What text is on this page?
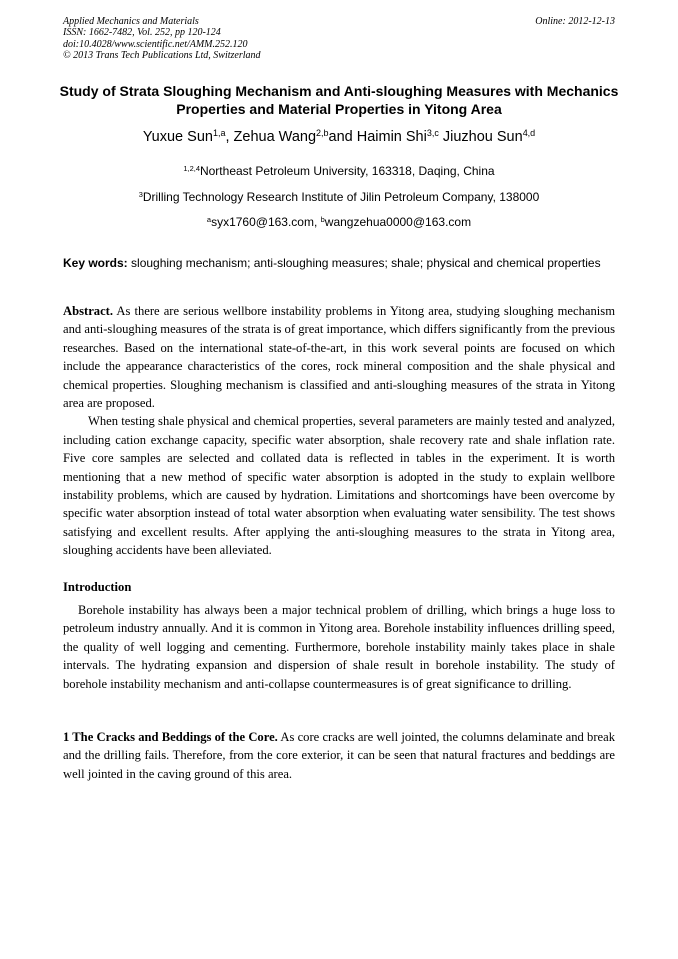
Applied Mechanics and Materials
ISSN: 1662-7482, Vol. 252, pp 120-124
doi:10.4028/www.scientific.net/AMM.252.120
© 2013 Trans Tech Publications Ltd, Switzerland
Online: 2012-12-13
Study of Strata Sloughing Mechanism and Anti-sloughing Measures with Mechanics Properties and Material Properties in Yitong Area
Yuxue Sun$^{1,a}$, Zehua Wang$^{2,b}$and Haimin Shi$^{3,c}$ Jiuzhou Sun$^{4,d}$
$^{1,2,4}$Northeast Petroleum University, 163318, Daqing, China
$^3$Drilling Technology Research Institute of Jilin Petroleum Company, 138000
$^a$syx1760@163.com, $^b$wangzehua0000@163.com
Key words: sloughing mechanism; anti-sloughing measures; shale; physical and chemical properties

Abstract. As there are serious wellbore instability problems in Yitong area, studying sloughing mechanism and anti-sloughing measures of the strata is of great importance, which differs significantly from the previous researches. Based on the international state-of-the-art, in this work several points are focused on which include the appearance characteristics of the cores, rock mineral composition and the shale physical and chemical properties. Sloughing mechanism is classified and anti-sloughing measures of the strata in Yitong area are proposed.

When testing shale physical and chemical properties, several parameters are mainly tested and analyzed, including cation exchange capacity, specific water absorption, shale recovery rate and shale inflation rate. Five core samples are selected and collated data is reflected in tables in the experiment. It is worth mentioning that a new method of specific water absorption is adopted in the study to explain wellbore instability problems, which are caused by hydration. Limitations and shortcomings have been overcome by specific water absorption instead of total water absorption when evaluating water sensibility. The test shows satisfying and excellent results. After applying the anti-sloughing measures to the strata in Yitong area, sloughing accidents have been alleviated.

Introduction

Borehole instability has always been a major technical problem of drilling, which brings a huge loss to petroleum industry annually. And it is common in Yitong area. Borehole instability influences drilling speed, the quality of well logging and cementing. Furthermore, borehole instability mainly takes place in shale intervals. The hydrating expansion and dispersion of shale result in borehole instability. The study of borehole instability mechanism and anti-collapse countermeasures is of great significance to drilling.

1 The Cracks and Beddings of the Core. As core cracks are well jointed, the columns delaminate and break and the drilling fails. Therefore, from the core exterior, it can be seen that natural fractures and beddings are well jointed in the caving ground of this area.
